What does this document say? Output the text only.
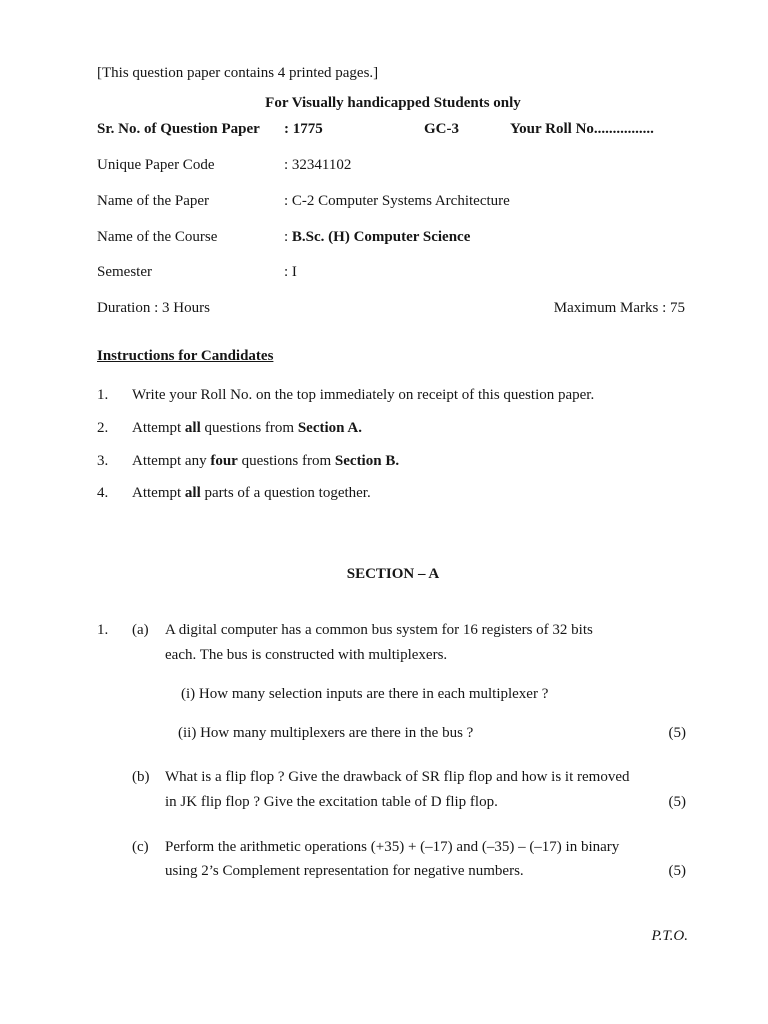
[This question paper contains 4 printed pages.]
For Visually handicapped Students only
Sr. No. of Question Paper : 1775	GC-3	Your Roll No................
Unique Paper Code	: 32341102
Name of the Paper	: C-2 Computer Systems Architecture
Name of the Course	: B.Sc. (H) Computer Science
Semester	: I
Duration : 3 Hours	Maximum Marks : 75
Instructions for Candidates
1. Write your Roll No. on the top immediately on receipt of this question paper.
2. Attempt all questions from Section A.
3. Attempt any four questions from Section B.
4. Attempt all parts of a question together.
SECTION – A
1. (a) A digital computer has a common bus system for 16 registers of 32 bits
each. The bus is constructed with multiplexers.
(i) How many selection inputs are there in each multiplexer ?
(ii) How many multiplexers are there in the bus ?	(5)
(b) What is a flip flop ? Give the drawback of SR flip flop and how is it removed
in JK flip flop ? Give the excitation table of D flip flop.	(5)
(c) Perform the arithmetic operations (+35) + (–17) and (–35) – (–17) in binary
using 2’s Complement representation for negative numbers.	(5)
P.T.O.
